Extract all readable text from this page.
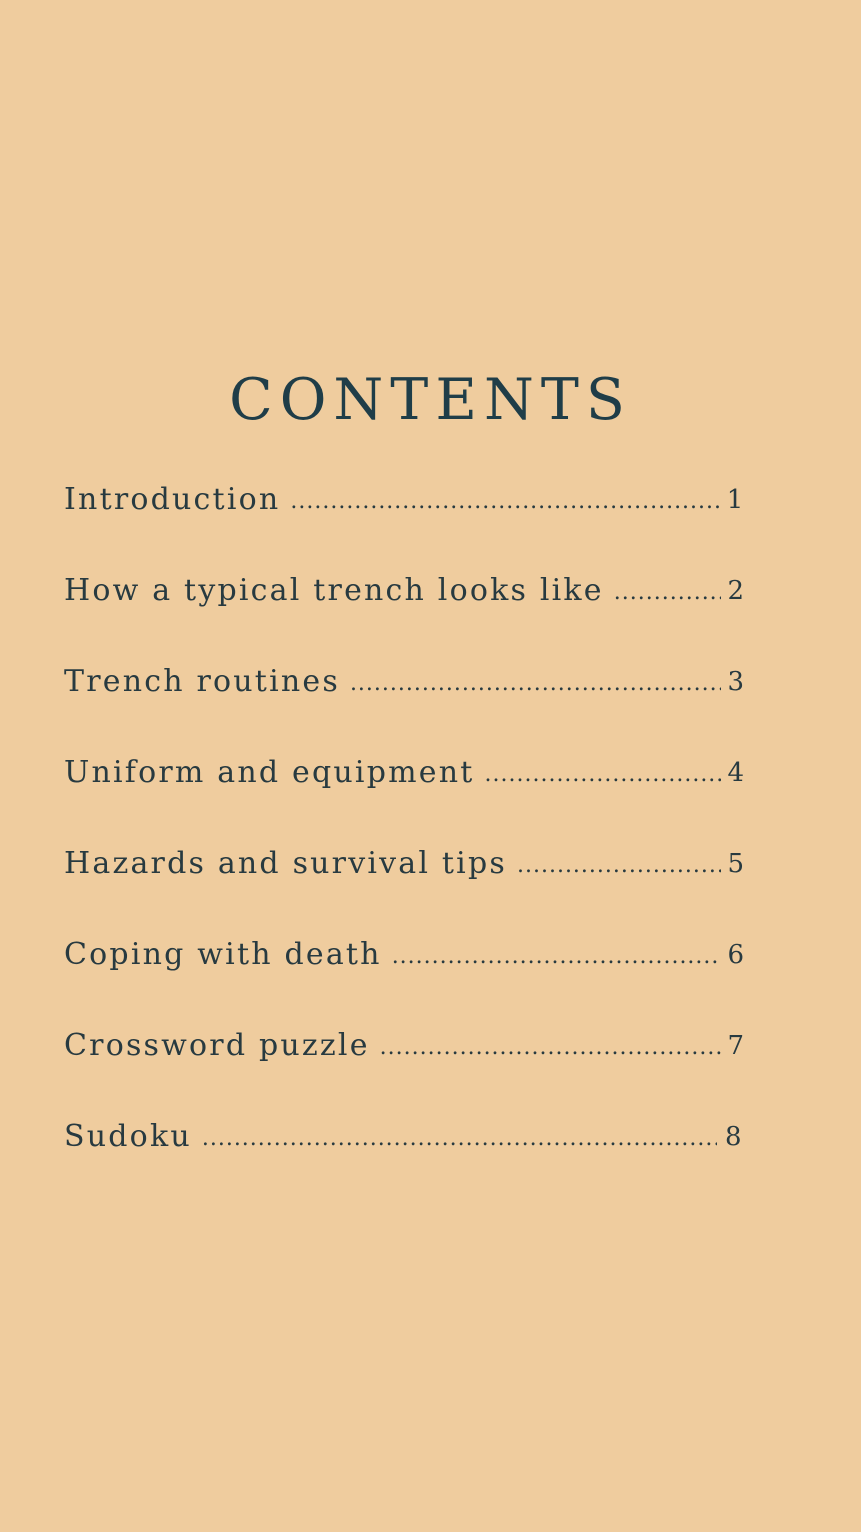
CONTENTS
Introduction .....	1
How a typical trench looks like .....	2
Trench routines .....	3
Uniform and equipment .....	4
Hazards and survival tips .....	5
Coping with death .....	6
Crossword puzzle .....	7
Sudoku .....	8
